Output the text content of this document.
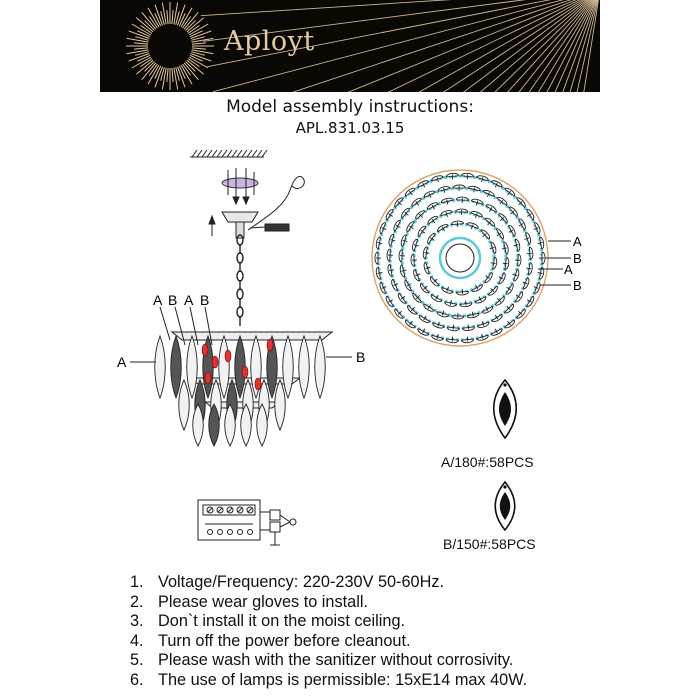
Aployt
Model assembly instructions:
APL.831.03.15
A B A B
A	B
A
B
A
B
A/180#:58PCS
B/150#:58PCS
1. Voltage/Frequency: 220-230V 50-60Hz.
2. Please wear gloves to install.
3. Don`t install it on the moist ceiling.
4. Turn off the power before cleanout.
5. Please wash with the sanitizer without corrosivity.
6. The use of lamps is permissible: 15xE14 max 40W.
